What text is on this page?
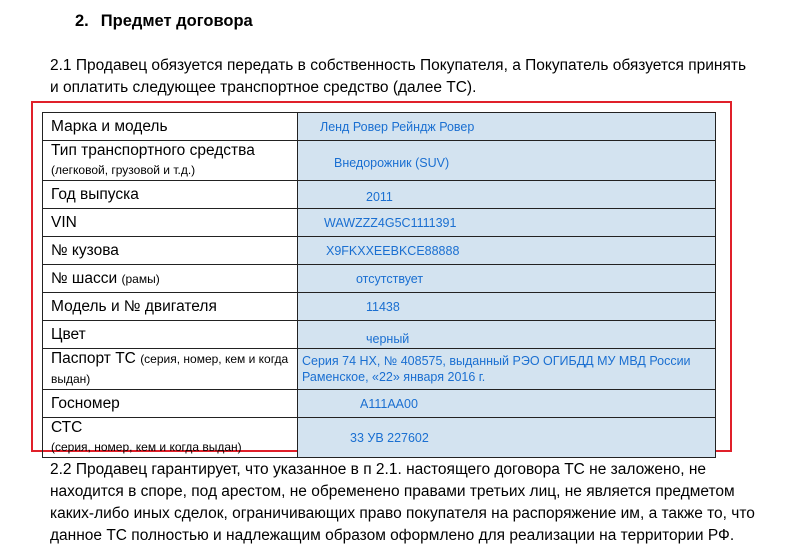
2. Предмет договора
2.1 Продавец обязуется передать в собственность Покупателя, а Покупатель обязуется принять и оплатить следующее транспортное средство (далее ТС).
Марка и модель	Ленд Ровер Рейндж Ровер
Тип транспортного средства
(легковой, грузовой и т.д.)	Внедорожник (SUV)
Год выпуска	2011
VIN	WAWZZZ4G5C1111391
№ кузова	X9FKXXEEBKCE88888
№ шасси (рамы)	отсутствует
Модель и № двигателя	11438
Цвет	черный
Паспорт ТС (серия, номер, кем и когда выдан)	Серия 74 НХ, № 408575, выданный РЭО ОГИБДД МУ МВД России Раменское, «22» января 2016 г.
Госномер	А111АА00
СТС
(серия, номер, кем и когда выдан)	33 УВ 227602
2.2 Продавец гарантирует, что указанное в п 2.1. настоящего договора ТС не заложено, не находится в споре, под арестом, не обременено правами третьих лиц, не является предметом каких-либо иных сделок, ограничивающих право покупателя на распоряжение им, а также то, что данное ТС полностью и надлежащим образом оформлено для реализации на территории РФ.
